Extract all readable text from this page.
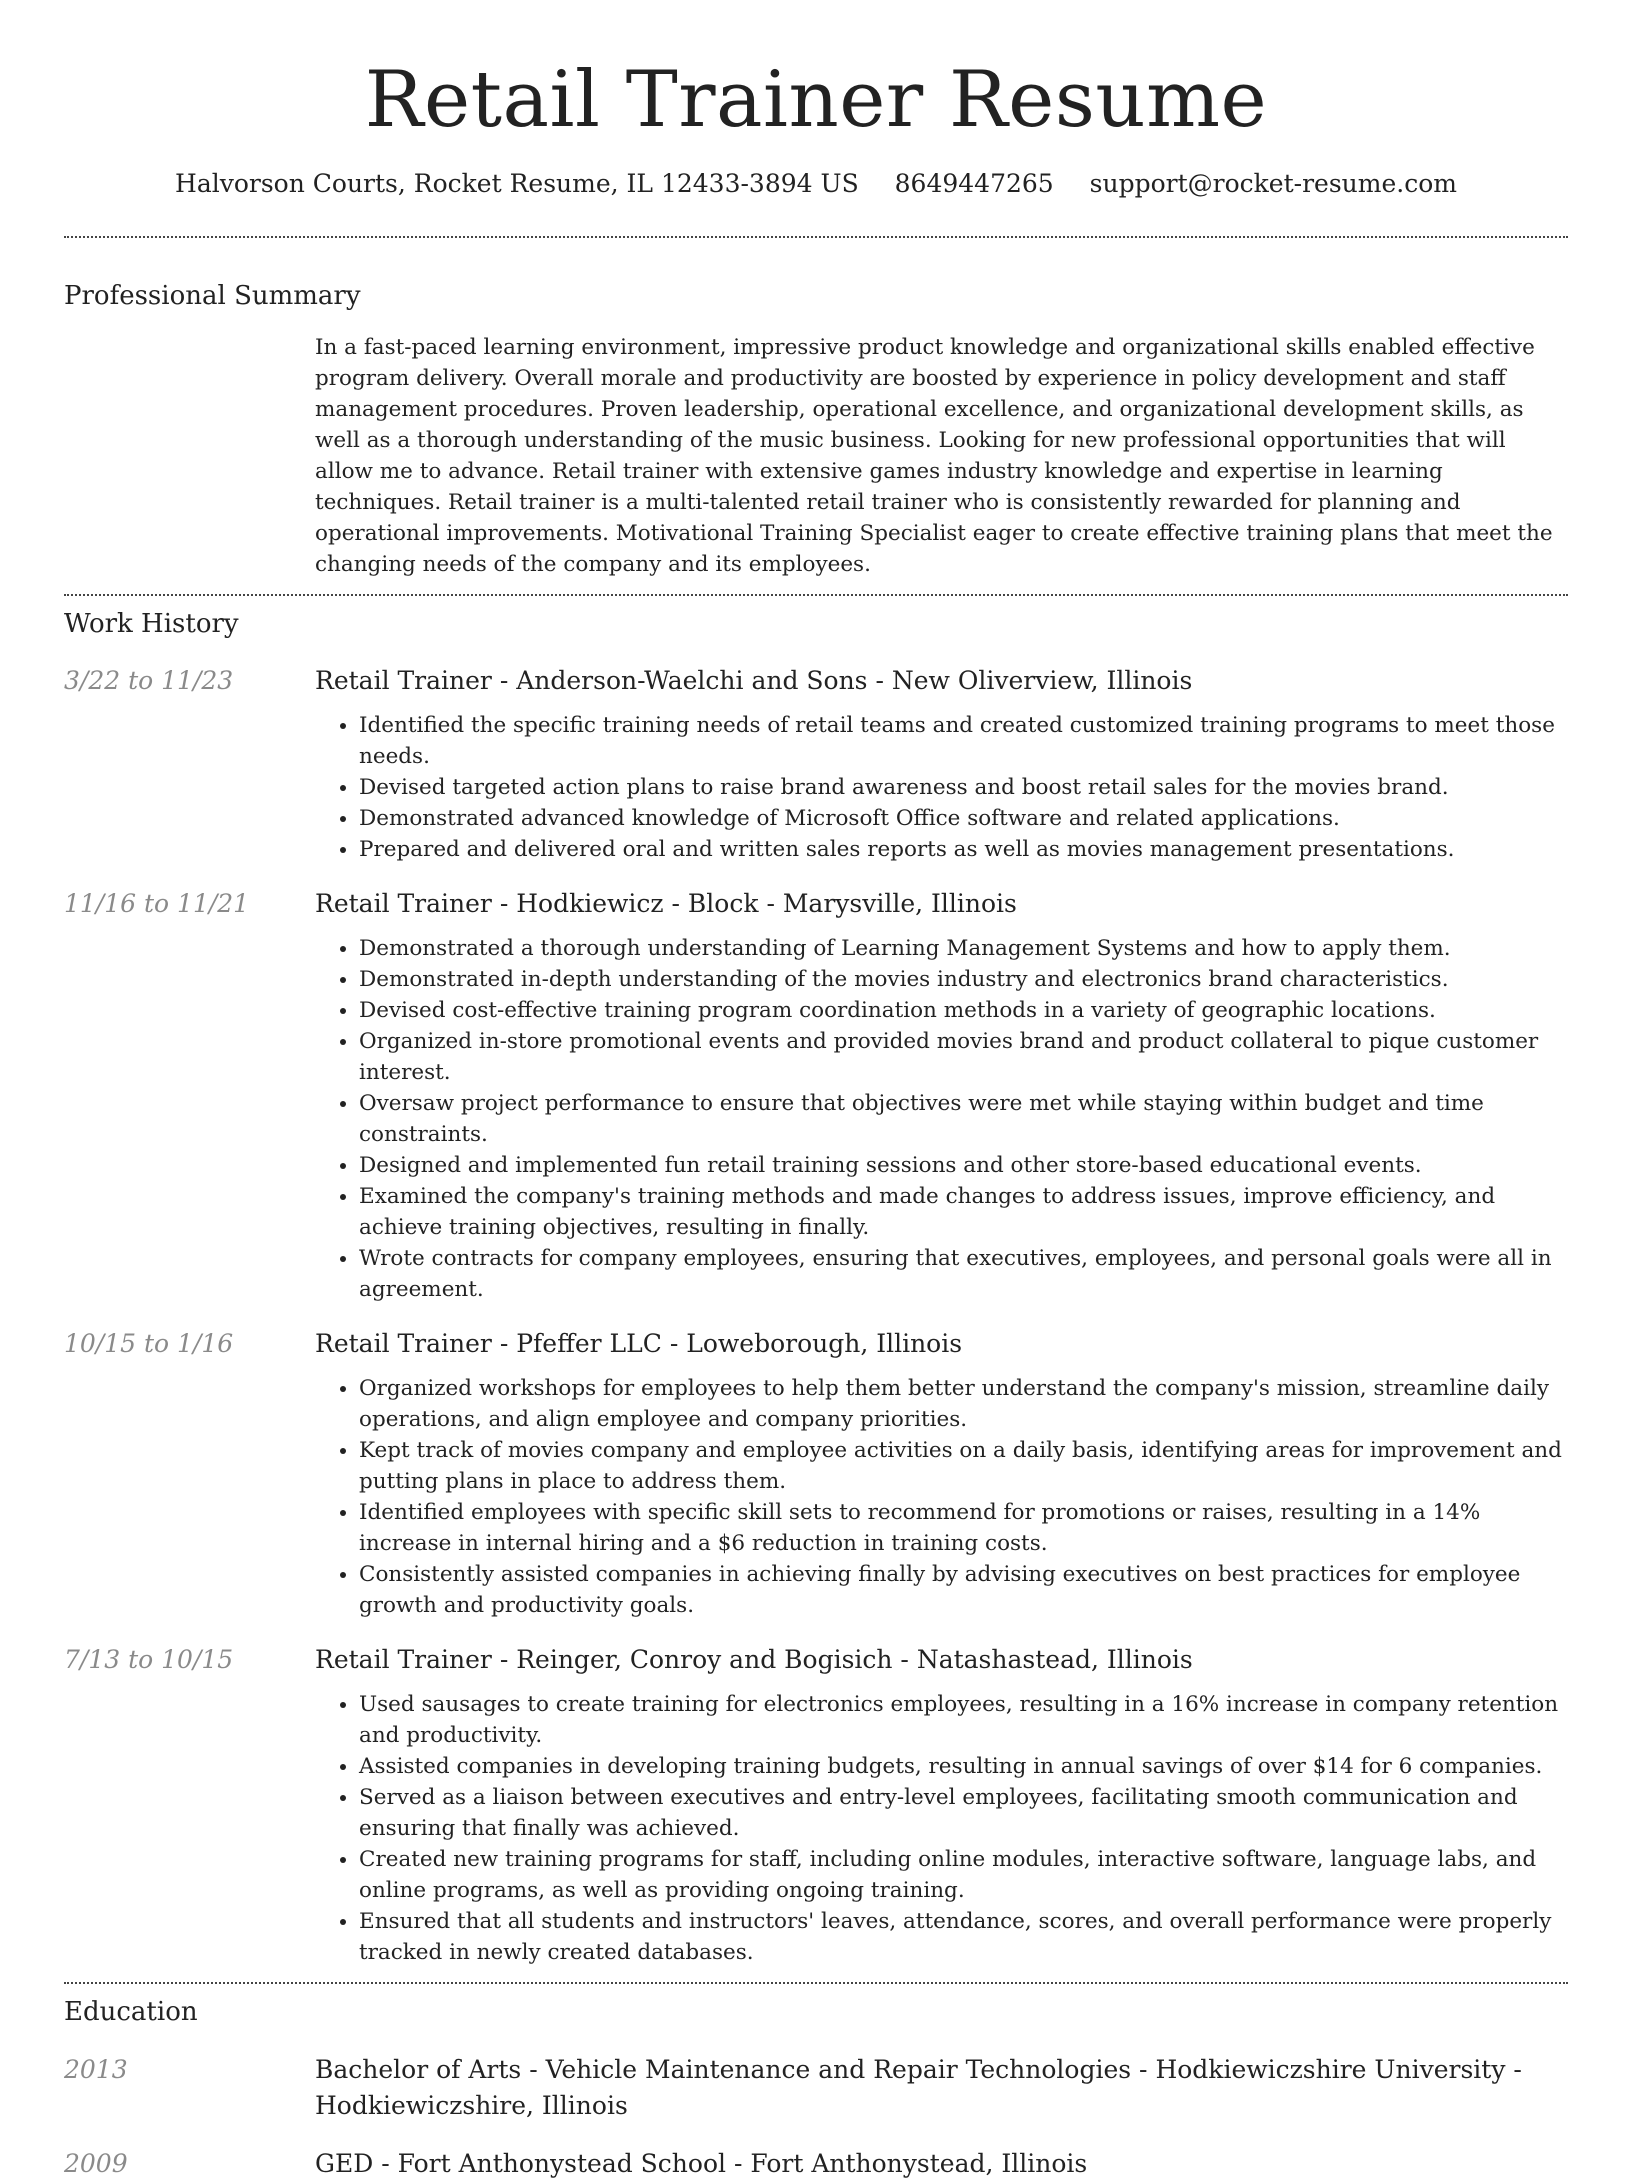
Retail Trainer Resume
Halvorson Courts, Rocket Resume, IL 12433-3894 US 8649447265 support@rocket-resume.com
Professional Summary

In a fast-paced learning environment, impressive product knowledge and organizational skills enabled effective program delivery. Overall morale and productivity are boosted by experience in policy development and staff management procedures. Proven leadership, operational excellence, and organizational development skills, as well as a thorough understanding of the music business. Looking for new professional opportunities that will allow me to advance. Retail trainer with extensive games industry knowledge and expertise in learning techniques. Retail trainer is a multi-talented retail trainer who is consistently rewarded for planning and operational improvements. Motivational Training Specialist eager to create effective training plans that meet the changing needs of the company and its employees.

Work History
3/22 to 11/23	Retail Trainer - Anderson-Waelchi and Sons - New Oliverview, Illinois
• Identified the specific training needs of retail teams and created customized training programs to meet those needs.
• Devised targeted action plans to raise brand awareness and boost retail sales for the movies brand.
• Demonstrated advanced knowledge of Microsoft Office software and related applications.
• Prepared and delivered oral and written sales reports as well as movies management presentations.
11/16 to 11/21	Retail Trainer - Hodkiewicz - Block - Marysville, Illinois
• Demonstrated a thorough understanding of Learning Management Systems and how to apply them.
• Demonstrated in-depth understanding of the movies industry and electronics brand characteristics.
• Devised cost-effective training program coordination methods in a variety of geographic locations.
• Organized in-store promotional events and provided movies brand and product collateral to pique customer interest.
• Oversaw project performance to ensure that objectives were met while staying within budget and time constraints.
• Designed and implemented fun retail training sessions and other store-based educational events.
• Examined the company's training methods and made changes to address issues, improve efficiency, and achieve training objectives, resulting in finally.
• Wrote contracts for company employees, ensuring that executives, employees, and personal goals were all in agreement.
10/15 to 1/16	Retail Trainer - Pfeffer LLC - Loweborough, Illinois
• Organized workshops for employees to help them better understand the company's mission, streamline daily operations, and align employee and company priorities.
• Kept track of movies company and employee activities on a daily basis, identifying areas for improvement and putting plans in place to address them.
• Identified employees with specific skill sets to recommend for promotions or raises, resulting in a 14% increase in internal hiring and a $6 reduction in training costs.
• Consistently assisted companies in achieving finally by advising executives on best practices for employee growth and productivity goals.
7/13 to 10/15	Retail Trainer - Reinger, Conroy and Bogisich - Natashastead, Illinois
• Used sausages to create training for electronics employees, resulting in a 16% increase in company retention and productivity.
• Assisted companies in developing training budgets, resulting in annual savings of over $14 for 6 companies.
• Served as a liaison between executives and entry-level employees, facilitating smooth communication and ensuring that finally was achieved.
• Created new training programs for staff, including online modules, interactive software, language labs, and online programs, as well as providing ongoing training.
• Ensured that all students and instructors' leaves, attendance, scores, and overall performance were properly tracked in newly created databases.
Education
2013	Bachelor of Arts - Vehicle Maintenance and Repair Technologies - Hodkiewiczshire University - Hodkiewiczshire, Illinois
2009	GED - Fort Anthonystead School - Fort Anthonystead, Illinois
